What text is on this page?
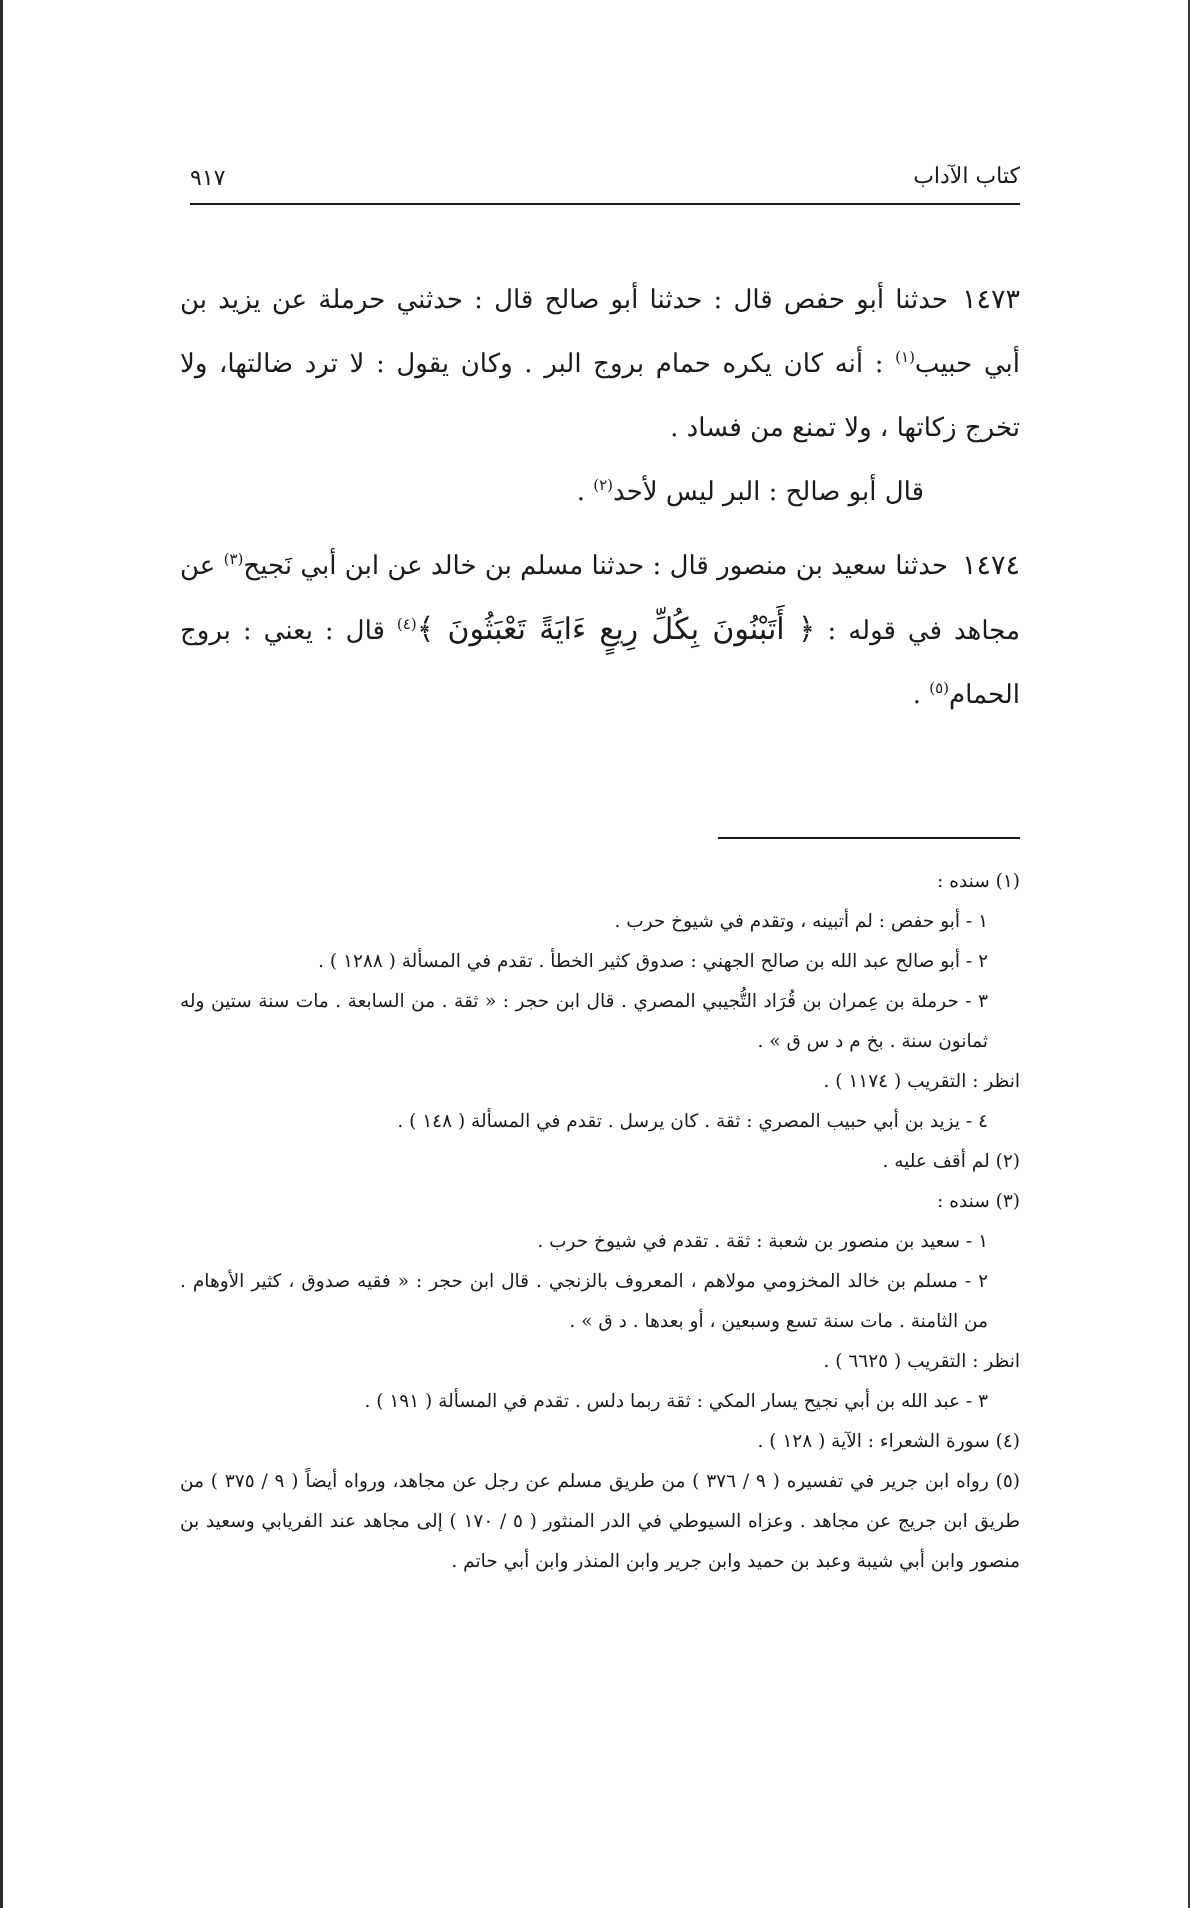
كتاب الآداب
٩١٧

١٤٧٣حدثنا أبو حفص قال : حدثنا أبو صالح قال : حدثني حرملة عن يزيد بن أبي حبيب$^{(١)}$ : أنه كان يكره حمام بروج البر . وكان يقول : لا ترد ضالتها، ولا تخرج زكاتها ، ولا تمنع من فساد .

قال أبو صالح : البر ليس لأحد$^{(٢)}$ .

١٤٧٤حدثنا سعيد بن منصور قال : حدثنا مسلم بن خالد عن ابن أبي نَجيح$^{(٣)}$ عن مجاهد في قوله : ﴿ أَتَبْنُونَ بِكُلِّ رِيعٍ ءَايَةً تَعْبَثُونَ ﴾$^{(٤)}$ قال : يعني : بروج الحمام$^{(٥)}$ .

(١) سنده :
١ - أبو حفص : لم أتبينه ، وتقدم في شيوخ حرب .
٢ - أبو صالح عبد الله بن صالح الجهني : صدوق كثير الخطأ . تقدم في المسألة ( ١٢٨٨ ) .
٣ - حرملة بن عِمران بن قُرَاد التُّجيبي المصري . قال ابن حجر : « ثقة . من السابعة . مات سنة ستين وله ثمانون سنة . بخ م د س ق » .
انظر : التقريب ( ١١٧٤ ) .
٤ - يزيد بن أبي حبيب المصري : ثقة . كان يرسل . تقدم في المسألة ( ١٤٨ ) .
(٢) لم أقف عليه .
(٣) سنده :
١ - سعيد بن منصور بن شعبة : ثقة . تقدم في شيوخ حرب .
٢ - مسلم بن خالد المخزومي مولاهم ، المعروف بالزنجي . قال ابن حجر : « فقيه صدوق ، كثير الأوهام . من الثامنة . مات سنة تسع وسبعين ، أو بعدها . د ق » .
انظر : التقريب ( ٦٦٢٥ ) .
٣ - عبد الله بن أبي نجيح يسار المكي : ثقة ربما دلس . تقدم في المسألة ( ١٩١ ) .
(٤) سورة الشعراء : الآية ( ١٢٨ ) .
(٥) رواه ابن جرير في تفسيره ( ٩ / ٣٧٦ ) من طريق مسلم عن رجل عن مجاهد، ورواه أيضاً ( ٩ / ٣٧٥ ) من طريق ابن جريج عن مجاهد . وعزاه السيوطي في الدر المنثور ( ٥ / ١٧٠ ) إلى مجاهد عند الفريابي وسعيد بن منصور وابن أبي شيبة وعبد بن حميد وابن جرير وابن المنذر وابن أبي حاتم .
